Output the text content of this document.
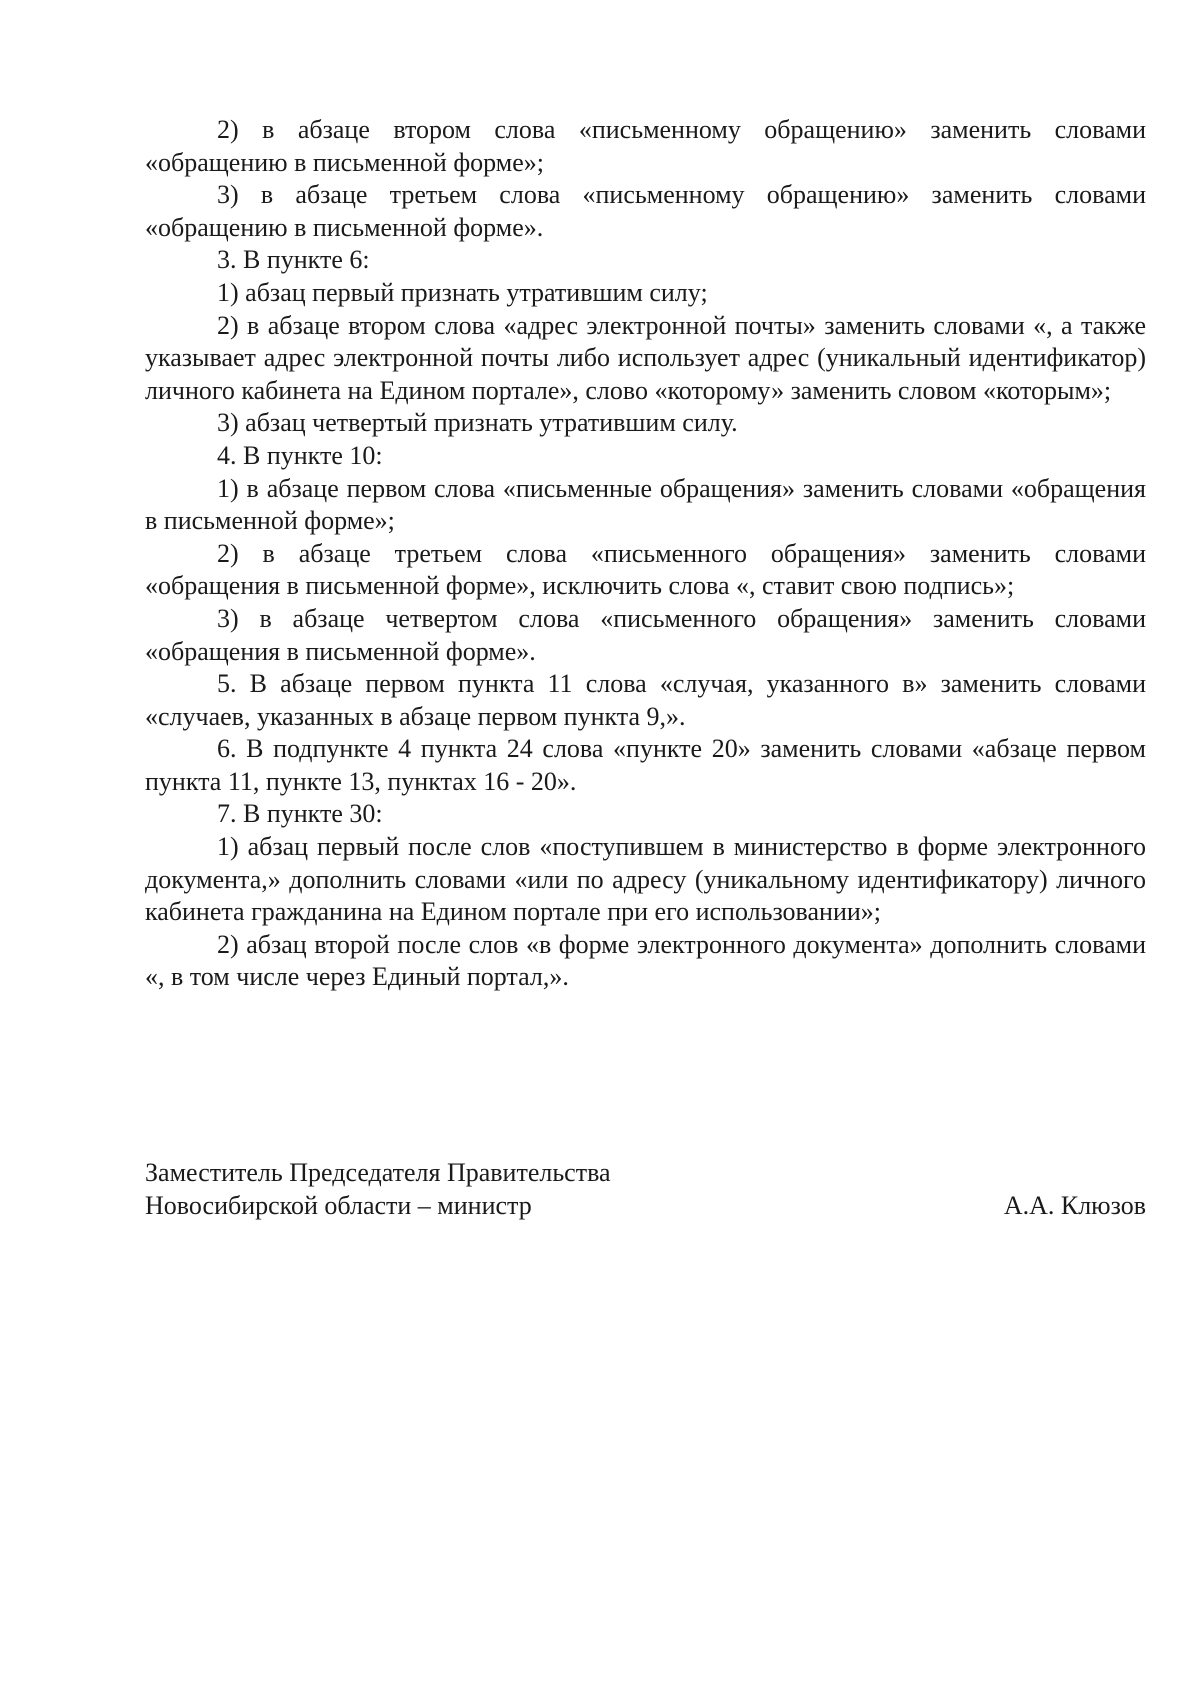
2) в абзаце втором слова «письменному обращению» заменить словами «обращению в письменной форме»;

3) в абзаце третьем слова «письменному обращению» заменить словами «обращению в письменной форме».

3. В пункте 6:

1) абзац первый признать утратившим силу;

2) в абзаце втором слова «адрес электронной почты» заменить словами «, а также указывает адрес электронной почты либо использует адрес (уникальный идентификатор) личного кабинета на Едином портале», слово «которому» заменить словом «которым»;

3) абзац четвертый признать утратившим силу.

4. В пункте 10:

1) в абзаце первом слова «письменные обращения» заменить словами «обращения в письменной форме»;

2) в абзаце третьем слова «письменного обращения» заменить словами «обращения в письменной форме», исключить слова «, ставит свою подпись»;

3) в абзаце четвертом слова «письменного обращения» заменить словами «обращения в письменной форме».

5. В абзаце первом пункта 11 слова «случая, указанного в» заменить словами «случаев, указанных в абзаце первом пункта 9,».

6. В подпункте 4 пункта 24 слова «пункте 20» заменить словами «абзаце первом пункта 11, пункте 13, пунктах 16 - 20».

7. В пункте 30:

1) абзац первый после слов «поступившем в министерство в форме электронного документа,» дополнить словами «или по адресу (уникальному идентификатору) личного кабинета гражданина на Едином портале при его использовании»;

2) абзац второй после слов «в форме электронного документа» дополнить словами «, в том числе через Единый портал,».

Заместитель Председателя Правительства
Новосибирской области – министр	А.А. Клюзов
